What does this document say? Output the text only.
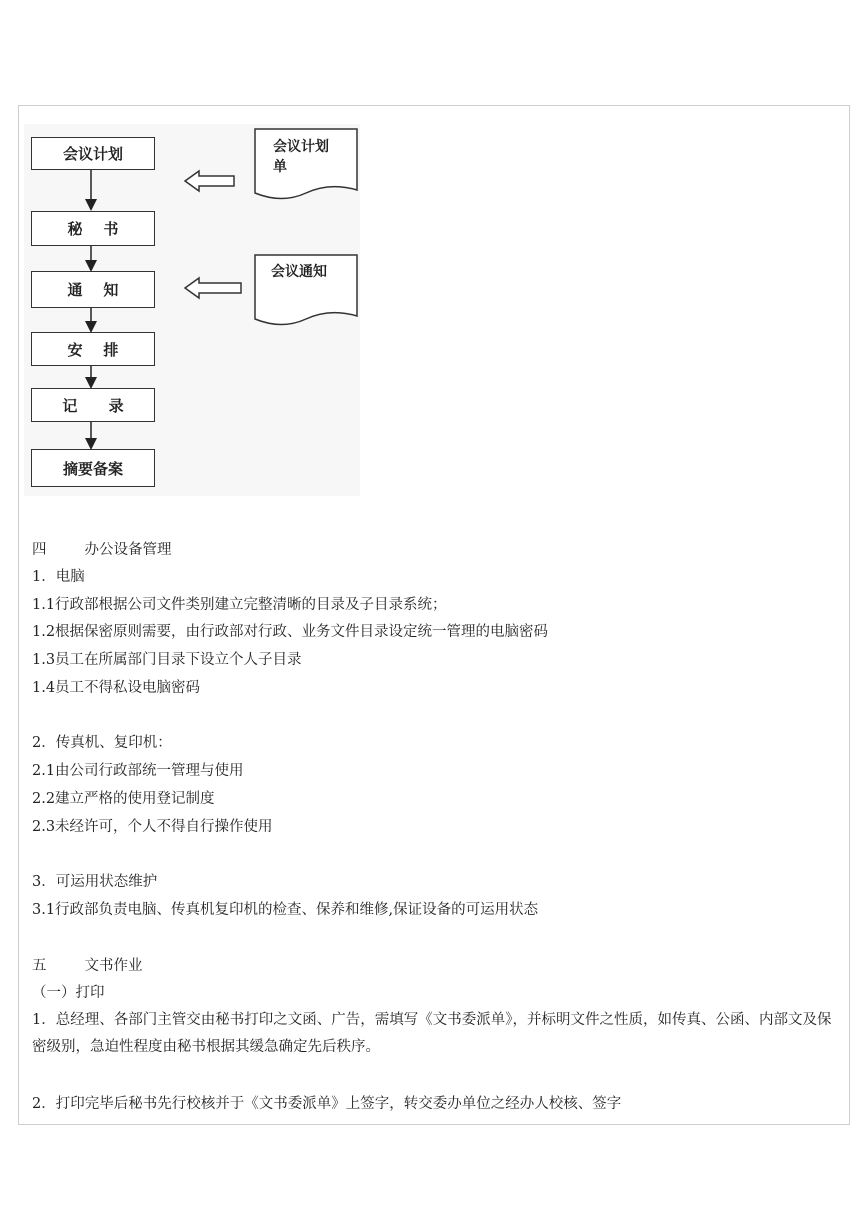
会议计划
秘    书
通    知
安    排
记      录
摘要备案
会议计划
单
会议通知
四	办公设备管理
1．电脑
1.1行政部根据公司文件类别建立完整清晰的目录及子目录系统；
1.2根据保密原则需要，由行政部对行政、业务文件目录设定统一管理的电脑密码
1.3员工在所属部门目录下设立个人子目录
1.4员工不得私设电脑密码
2．传真机、复印机：
2.1由公司行政部统一管理与使用
2.2建立严格的使用登记制度
2.3未经许可，个人不得自行操作使用
3．可运用状态维护
3.1行政部负责电脑、传真机复印机的检查、保养和维修,保证设备的可运用状态
五	文书作业
（一）打印
1．总经理、各部门主管交由秘书打印之文函、广告，需填写《文书委派单》，并标明文件之性质，如传真、公函、内部文及保密级别，急迫性程度由秘书根据其缓急确定先后秩序。
2．打印完毕后秘书先行校核并于《文书委派单》上签字，转交委办单位之经办人校核、签字
